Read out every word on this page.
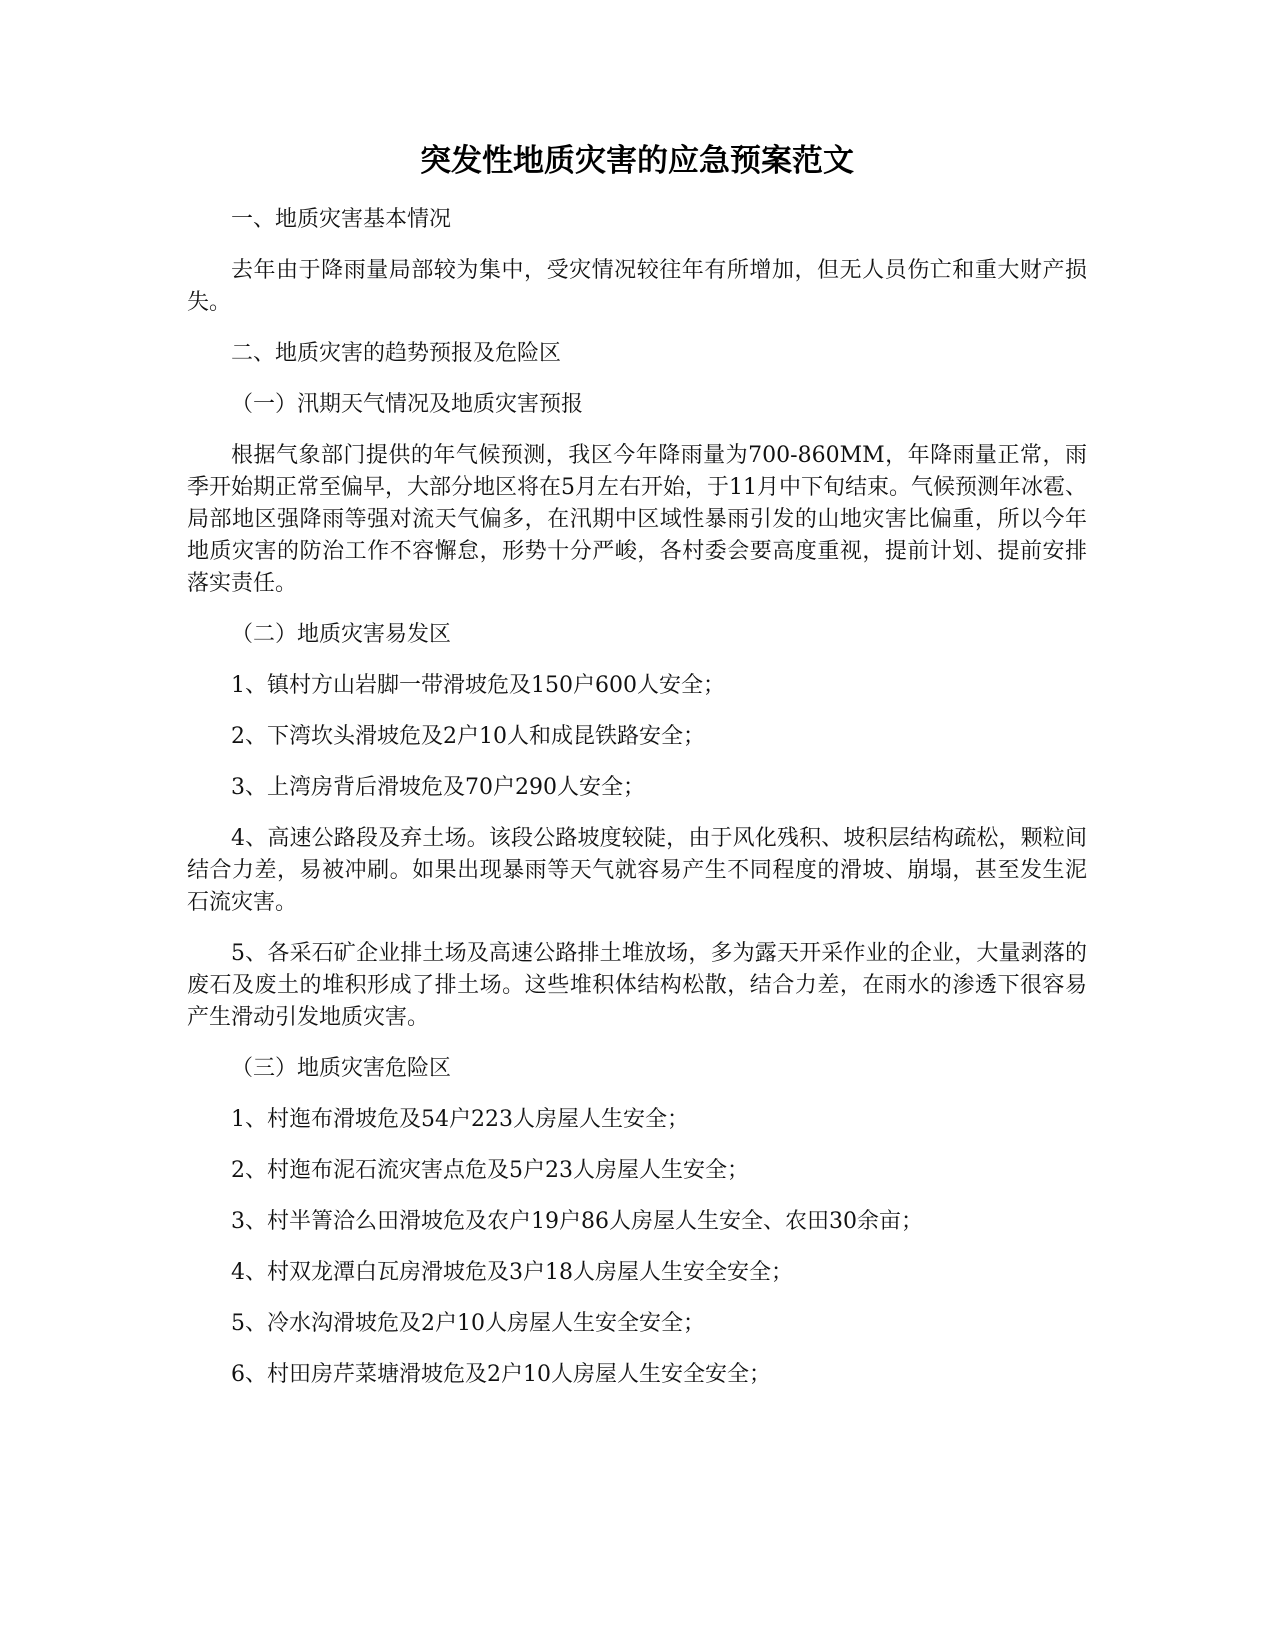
突发性地质灾害的应急预案范文

一、地质灾害基本情况

去年由于降雨量局部较为集中，受灾情况较往年有所增加，但无人员伤亡和重大财产损失。

二、地质灾害的趋势预报及危险区

（一）汛期天气情况及地质灾害预报

根据气象部门提供的年气候预测，我区今年降雨量为700-860MM，年降雨量正常，雨季开始期正常至偏早，大部分地区将在5月左右开始，于11月中下旬结束。气候预测年冰雹、局部地区强降雨等强对流天气偏多，在汛期中区域性暴雨引发的山地灾害比偏重，所以今年地质灾害的防治工作不容懈怠，形势十分严峻，各村委会要高度重视，提前计划、提前安排落实责任。

（二）地质灾害易发区

1、镇村方山岩脚一带滑坡危及150户600人安全；

2、下湾坎头滑坡危及2户10人和成昆铁路安全；

3、上湾房背后滑坡危及70户290人安全；

4、高速公路段及弃土场。该段公路坡度较陡，由于风化残积、坡积层结构疏松，颗粒间结合力差，易被冲刷。如果出现暴雨等天气就容易产生不同程度的滑坡、崩塌，甚至发生泥石流灾害。

5、各采石矿企业排土场及高速公路排土堆放场，多为露天开采作业的企业，大量剥落的废石及废土的堆积形成了排土场。这些堆积体结构松散，结合力差，在雨水的渗透下很容易产生滑动引发地质灾害。

（三）地质灾害危险区

1、村迤布滑坡危及54户223人房屋人生安全；

2、村迤布泥石流灾害点危及5户23人房屋人生安全；

3、村半箐洽么田滑坡危及农户19户86人房屋人生安全、农田30余亩；

4、村双龙潭白瓦房滑坡危及3户18人房屋人生安全安全；

5、冷水沟滑坡危及2户10人房屋人生安全安全；

6、村田房芹菜塘滑坡危及2户10人房屋人生安全安全；
